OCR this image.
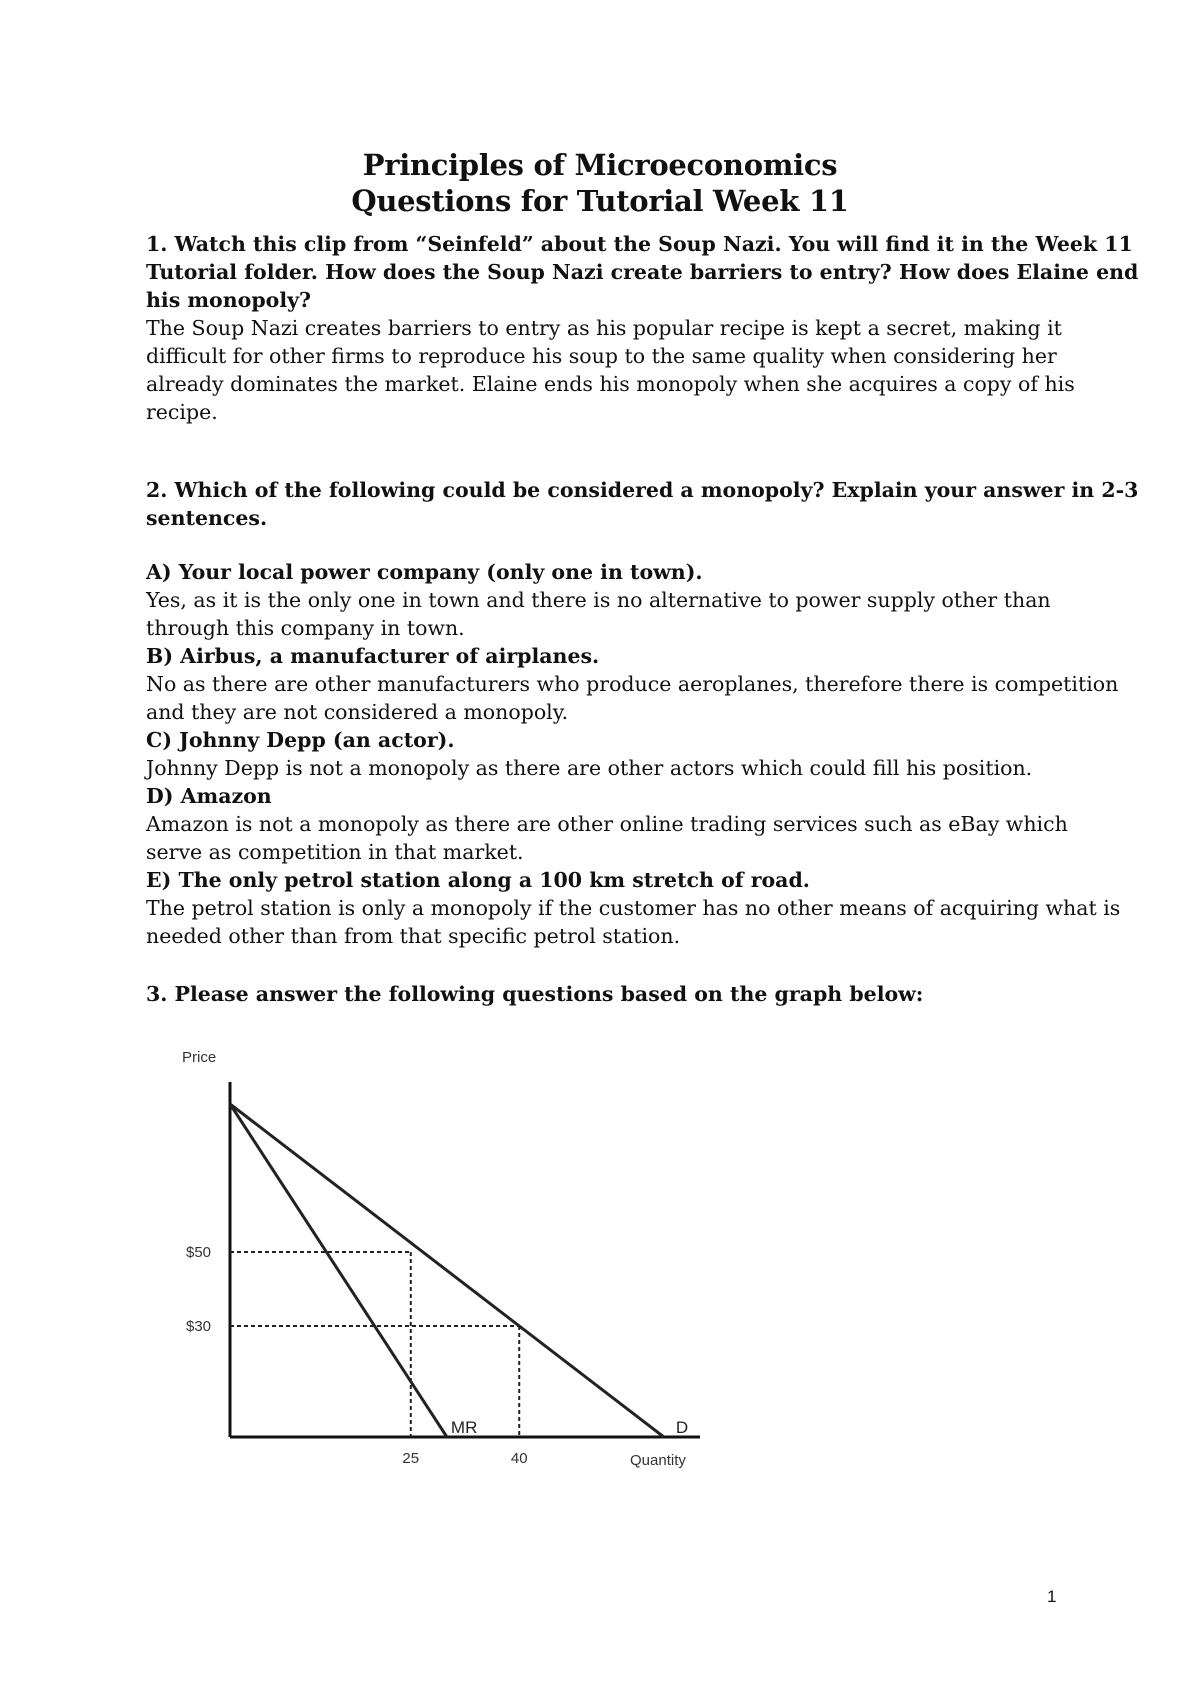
Principles of Microeconomics
Questions for Tutorial Week 11
1. Watch this clip from “Seinfeld” about the Soup Nazi. You will find it in the Week 11
Tutorial folder. How does the Soup Nazi create barriers to entry? How does Elaine end
his monopoly?
The Soup Nazi creates barriers to entry as his popular recipe is kept a secret, making it
difficult for other firms to reproduce his soup to the same quality when considering her
already dominates the market. Elaine ends his monopoly when she acquires a copy of his
recipe.
2. Which of the following could be considered a monopoly? Explain your answer in 2-3
sentences.
A) Your local power company (only one in town).
Yes, as it is the only one in town and there is no alternative to power supply other than
through this company in town.
B) Airbus, a manufacturer of airplanes.
No as there are other manufacturers who produce aeroplanes, therefore there is competition
and they are not considered a monopoly.
C) Johnny Depp (an actor).
Johnny Depp is not a monopoly as there are other actors which could fill his position.
D) Amazon
Amazon is not a monopoly as there are other online trading services such as eBay which
serve as competition in that market.
E) The only petrol station along a 100 km stretch of road.
The petrol station is only a monopoly if the customer has no other means of acquiring what is
needed other than from that specific petrol station.
3. Please answer the following questions based on the graph below:
Price
Quantity
D
MR
$50
$30
25	40
1
